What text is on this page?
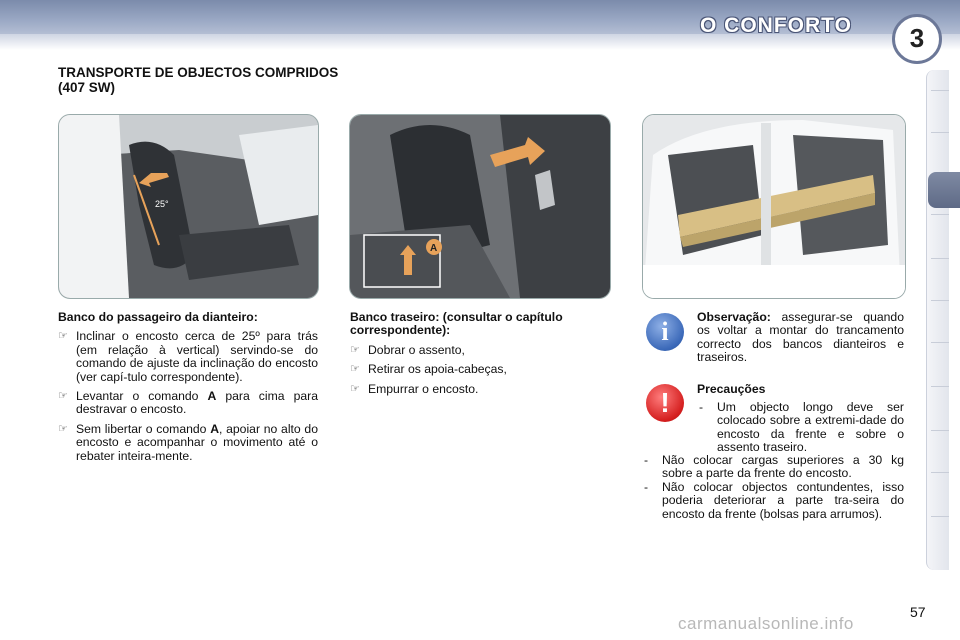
O CONFORTO	3
TRANSPORTE DE OBJECTOS COMPRIDOS (407 SW)
25°
A
Banco do passageiro da dianteiro:
☞ Inclinar o encosto cerca de 25º para trás (em relação à vertical) servindo-se do comando de ajuste da inclinação do encosto (ver capí-tulo correspondente).
☞ Levantar o comando A para cima para destravar o encosto.
☞ Sem libertar o comando A, apoiar no alto do encosto e acompanhar o movimento até o rebater inteira-mente.
Banco traseiro: (consultar o capítulo correspondente):
☞ Dobrar o assento,
☞ Retirar os apoia-cabeças,
☞ Empurrar o encosto.
i	Observação: assegurar-se quando os voltar a montar do trancamento correcto dos bancos dianteiros e traseiros.
!	Precauções
- Um objecto longo deve ser colocado sobre a extremi-dade do encosto da frente e sobre o assento traseiro.
- Não colocar cargas superiores a 30 kg sobre a parte da frente do encosto.
- Não colocar objectos contundentes, isso poderia deteriorar a parte tra-seira do encosto da frente (bolsas para arrumos).
57
carmanualsonline.info
